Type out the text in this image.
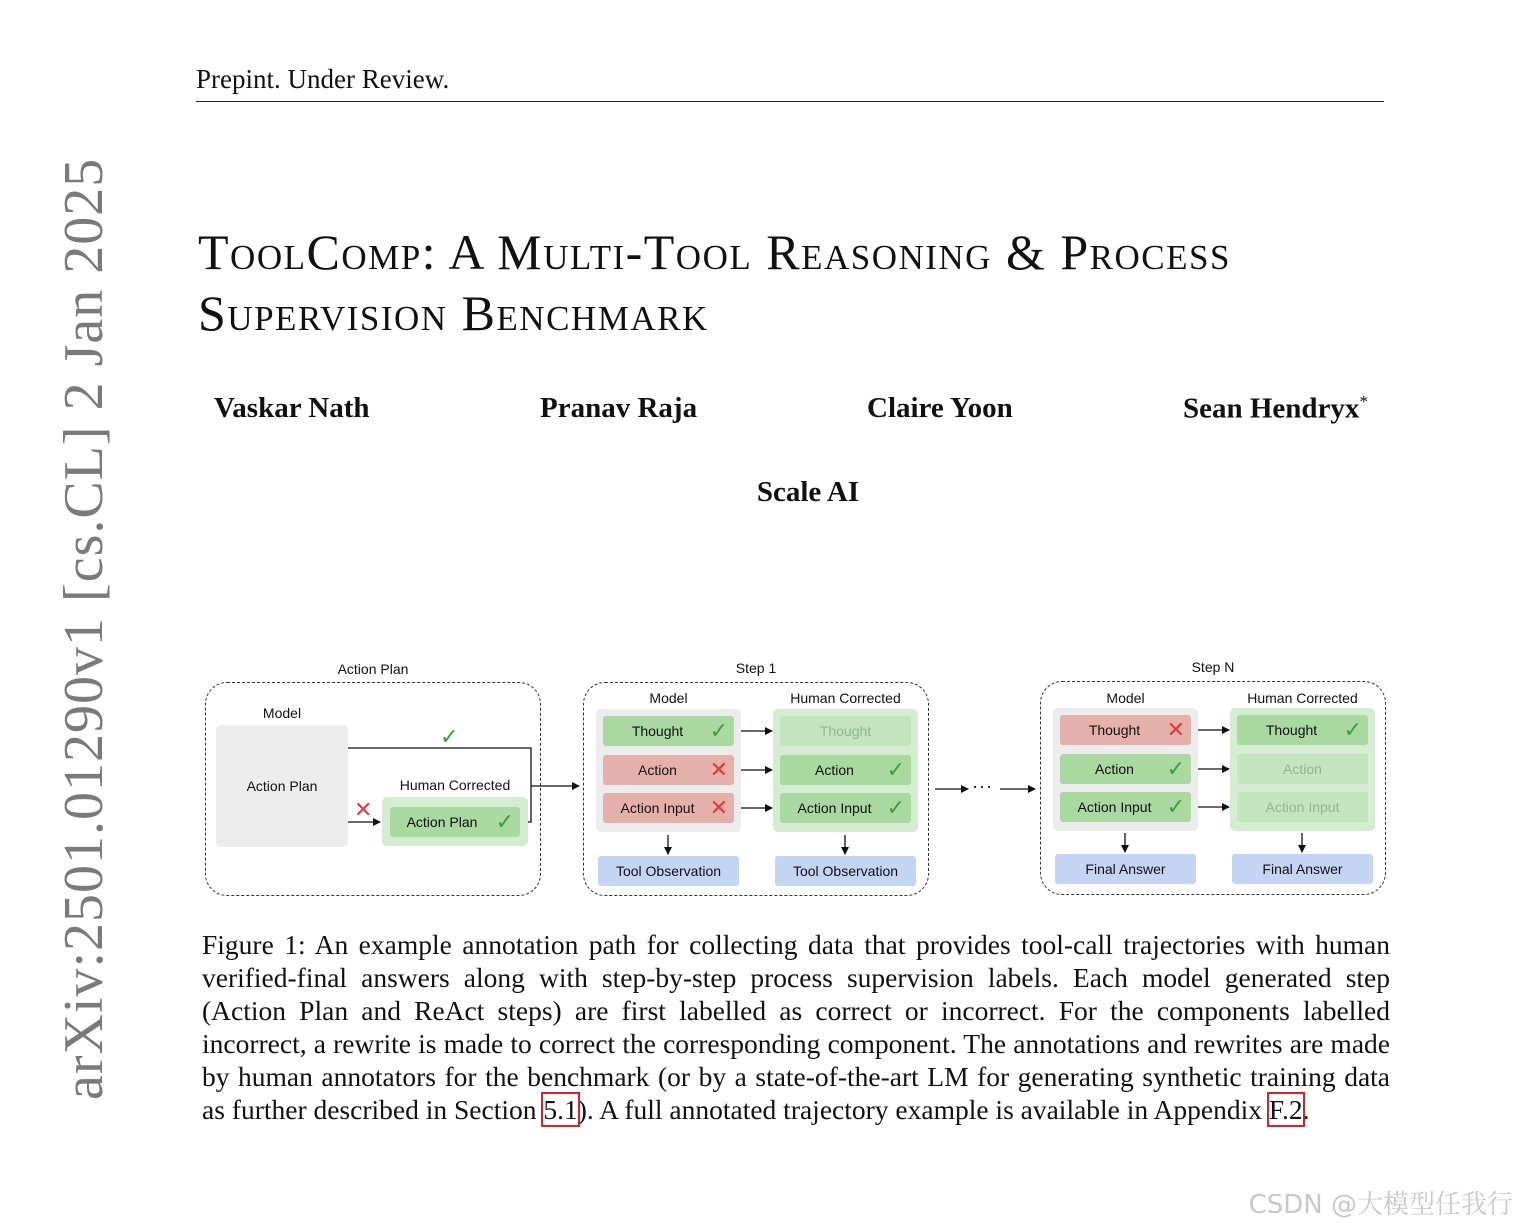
arXiv:2501.01290v1 [cs.CL] 2 Jan 2025
Prepint. Under Review.
ToolComp: A Multi-Tool Reasoning & Process
Supervision Benchmark
Vaskar Nath	Pranav Raja	Claire Yoon	Sean Hendryx*
Scale AI
Action Plan
Model
Action Plan
✓
✕
Human Corrected
Action Plan ✓
Step 1
Model	Human Corrected
Thought ✓
Action ✕
Action Input ✕
Thought
Action ✓
Action Input ✓
Tool Observation	Tool Observation
···
Step N
Model	Human Corrected
Thought ✕
Action ✓
Action Input ✓
Thought ✓
Action
Action Input
Final Answer	Final Answer
Figure 1: An example annotation path for collecting data that provides tool-call trajectories with human verified-final answers along with step-by-step process supervision labels. Each model generated step (Action Plan and ReAct steps) are first labelled as correct or incorrect. For the components labelled incorrect, a rewrite is made to correct the corresponding component. The annotations and rewrites are made by human annotators for the benchmark (or by a state-of-the-art LM for generating synthetic training data as further described in Section 5.1). A full annotated trajectory example is available in Appendix F.2.
CSDN @大模型任我行
